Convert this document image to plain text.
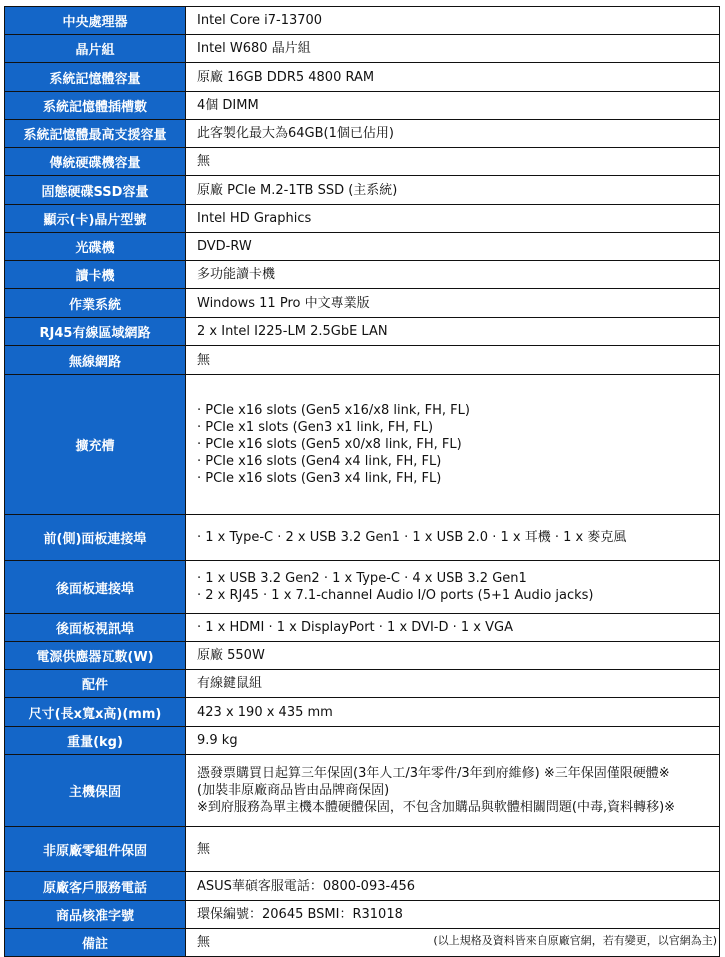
中央處理器	Intel Core i7-13700

晶片組	Intel W680 晶片組

系統記憶體容量	原廠 16GB DDR5 4800 RAM

系統記憶體插槽數	4個 DIMM

系統記憶體最高支援容量	此客製化最大為64GB(1個已佔用)

傳統硬碟機容量	無

固態硬碟SSD容量	原廠 PCIe M.2-1TB SSD (主系統)

顯示(卡)晶片型號	Intel HD Graphics

光碟機	DVD-RW

讀卡機	多功能讀卡機

作業系統	Windows 11 Pro 中文專業版

RJ45有線區域網路	2 x Intel I225-LM 2.5GbE LAN

無線網路	無

擴充槽	· PCIe x16 slots (Gen5 x16/x8 link, FH, FL)
· PCIe x1 slots (Gen3 x1 link, FH, FL)
· PCIe x16 slots (Gen5 x0/x8 link, FH, FL)
· PCIe x16 slots (Gen4 x4 link, FH, FL)
· PCIe x16 slots (Gen3 x4 link, FH, FL)

前(側)面板連接埠	· 1 x Type-C · 2 x USB 3.2 Gen1 · 1 x USB 2.0 · 1 x 耳機 · 1 x 麥克風

後面板連接埠	· 1 x USB 3.2 Gen2 · 1 x Type-C · 4 x USB 3.2 Gen1
· 2 x RJ45 · 1 x 7.1-channel Audio I/O ports (5+1 Audio jacks)

後面板視訊埠	· 1 x HDMI · 1 x DisplayPort · 1 x DVI-D · 1 x VGA

電源供應器瓦數(W)	原廠 550W

配件	有線鍵鼠組

尺寸(長x寬x高)(mm)	423 x 190 x 435 mm

重量(kg)	9.9 kg

主機保固	憑發票購買日起算三年保固(3年人工/3年零件/3年到府維修) ※三年保固僅限硬體※
(加裝非原廠商品皆由品牌商保固)
※到府服務為單主機本體硬體保固，不包含加購品與軟體相關問題(中毒,資料轉移)※

非原廠零組件保固	無

原廠客戶服務電話	ASUS華碩客服電話：0800-093-456

商品核准字號	環保編號：20645 BSMI：R31018

備註	無	(以上規格及資料皆來自原廠官網，若有變更，以官網為主)
